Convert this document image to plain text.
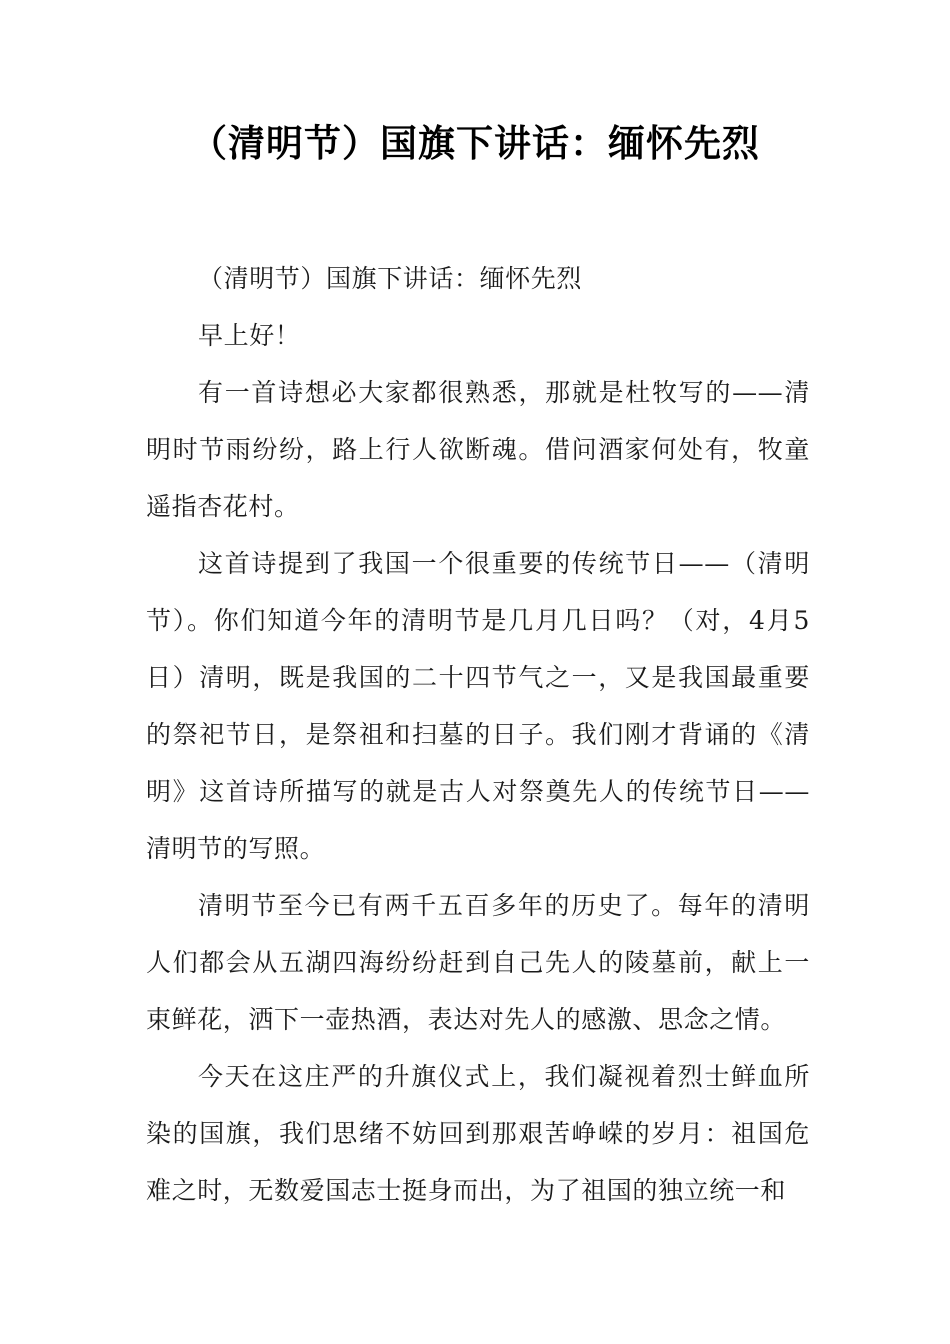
（清明节）国旗下讲话：缅怀先烈

（清明节）国旗下讲话：缅怀先烈

早上好！

有一首诗想必大家都很熟悉，那就是杜牧写的——清明时节雨纷纷，路上行人欲断魂。借问酒家何处有，牧童遥指杏花村。

这首诗提到了我国一个很重要的传统节日——（清明节）。你们知道今年的清明节是几月几日吗？（对，4月5日）清明，既是我国的二十四节气之一，又是我国最重要的祭祀节日，是祭祖和扫墓的日子。我们刚才背诵的《清明》这首诗所描写的就是古人对祭奠先人的传统节日——清明节的写照。

清明节至今已有两千五百多年的历史了。每年的清明人们都会从五湖四海纷纷赶到自己先人的陵墓前，献上一束鲜花，洒下一壶热酒，表达对先人的感激、思念之情。

今天在这庄严的升旗仪式上，我们凝视着烈士鲜血所染的国旗，我们思绪不妨回到那艰苦峥嵘的岁月：祖国危难之时，无数爱国志士挺身而出，为了祖国的独立统一和
